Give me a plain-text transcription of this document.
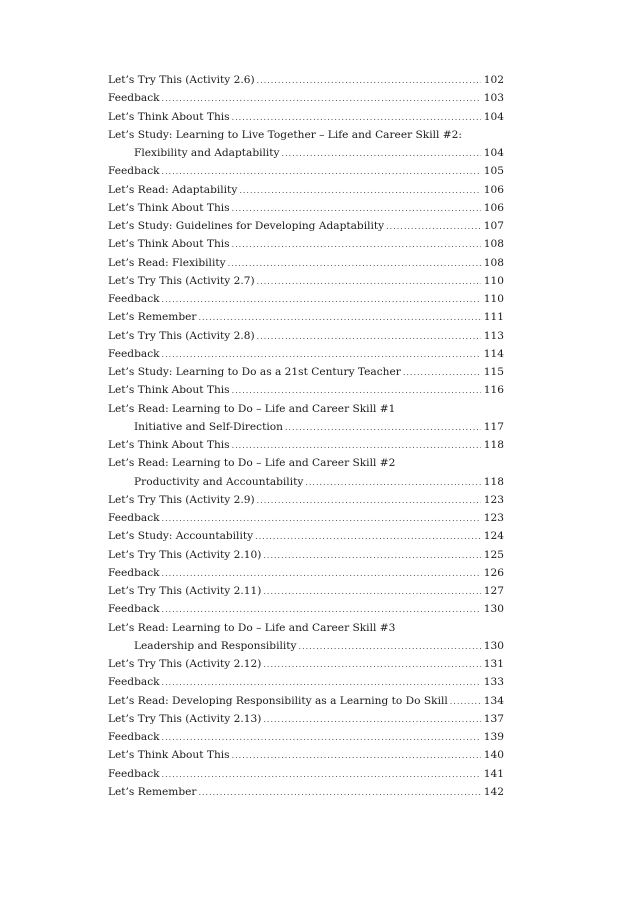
Let’s Try This (Activity 2.6) .....	102
Feedback .....	103
Let’s Think About This .....	104
Let’s Study: Learning to Live Together – Life and Career Skill #2:
Flexibility and Adaptability .....	104
Feedback .....	105
Let’s Read: Adaptability .....	106
Let’s Think About This .....	106
Let’s Study: Guidelines for Developing Adaptability .....	107
Let’s Think About This .....	108
Let’s Read: Flexibility .....	108
Let’s Try This (Activity 2.7) .....	110
Feedback .....	110
Let’s Remember .....	111
Let’s Try This (Activity 2.8) .....	113
Feedback .....	114
Let’s Study: Learning to Do as a 21st Century Teacher .....	115
Let’s Think About This .....	116
Let’s Read: Learning to Do – Life and Career Skill #1
Initiative and Self-Direction .....	117
Let’s Think About This .....	118
Let’s Read: Learning to Do – Life and Career Skill #2
Productivity and Accountability .....	118
Let’s Try This (Activity 2.9) .....	123
Feedback .....	123
Let’s Study: Accountability .....	124
Let’s Try This (Activity 2.10) .....	125
Feedback .....	126
Let’s Try This (Activity 2.11) .....	127
Feedback .....	130
Let’s Read: Learning to Do – Life and Career Skill #3
Leadership and Responsibility .....	130
Let’s Try This (Activity 2.12) .....	131
Feedback .....	133
Let’s Read: Developing Responsibility as a Learning to Do Skill .....	134
Let’s Try This (Activity 2.13) .....	137
Feedback .....	139
Let’s Think About This .....	140
Feedback .....	141
Let’s Remember .....	142
